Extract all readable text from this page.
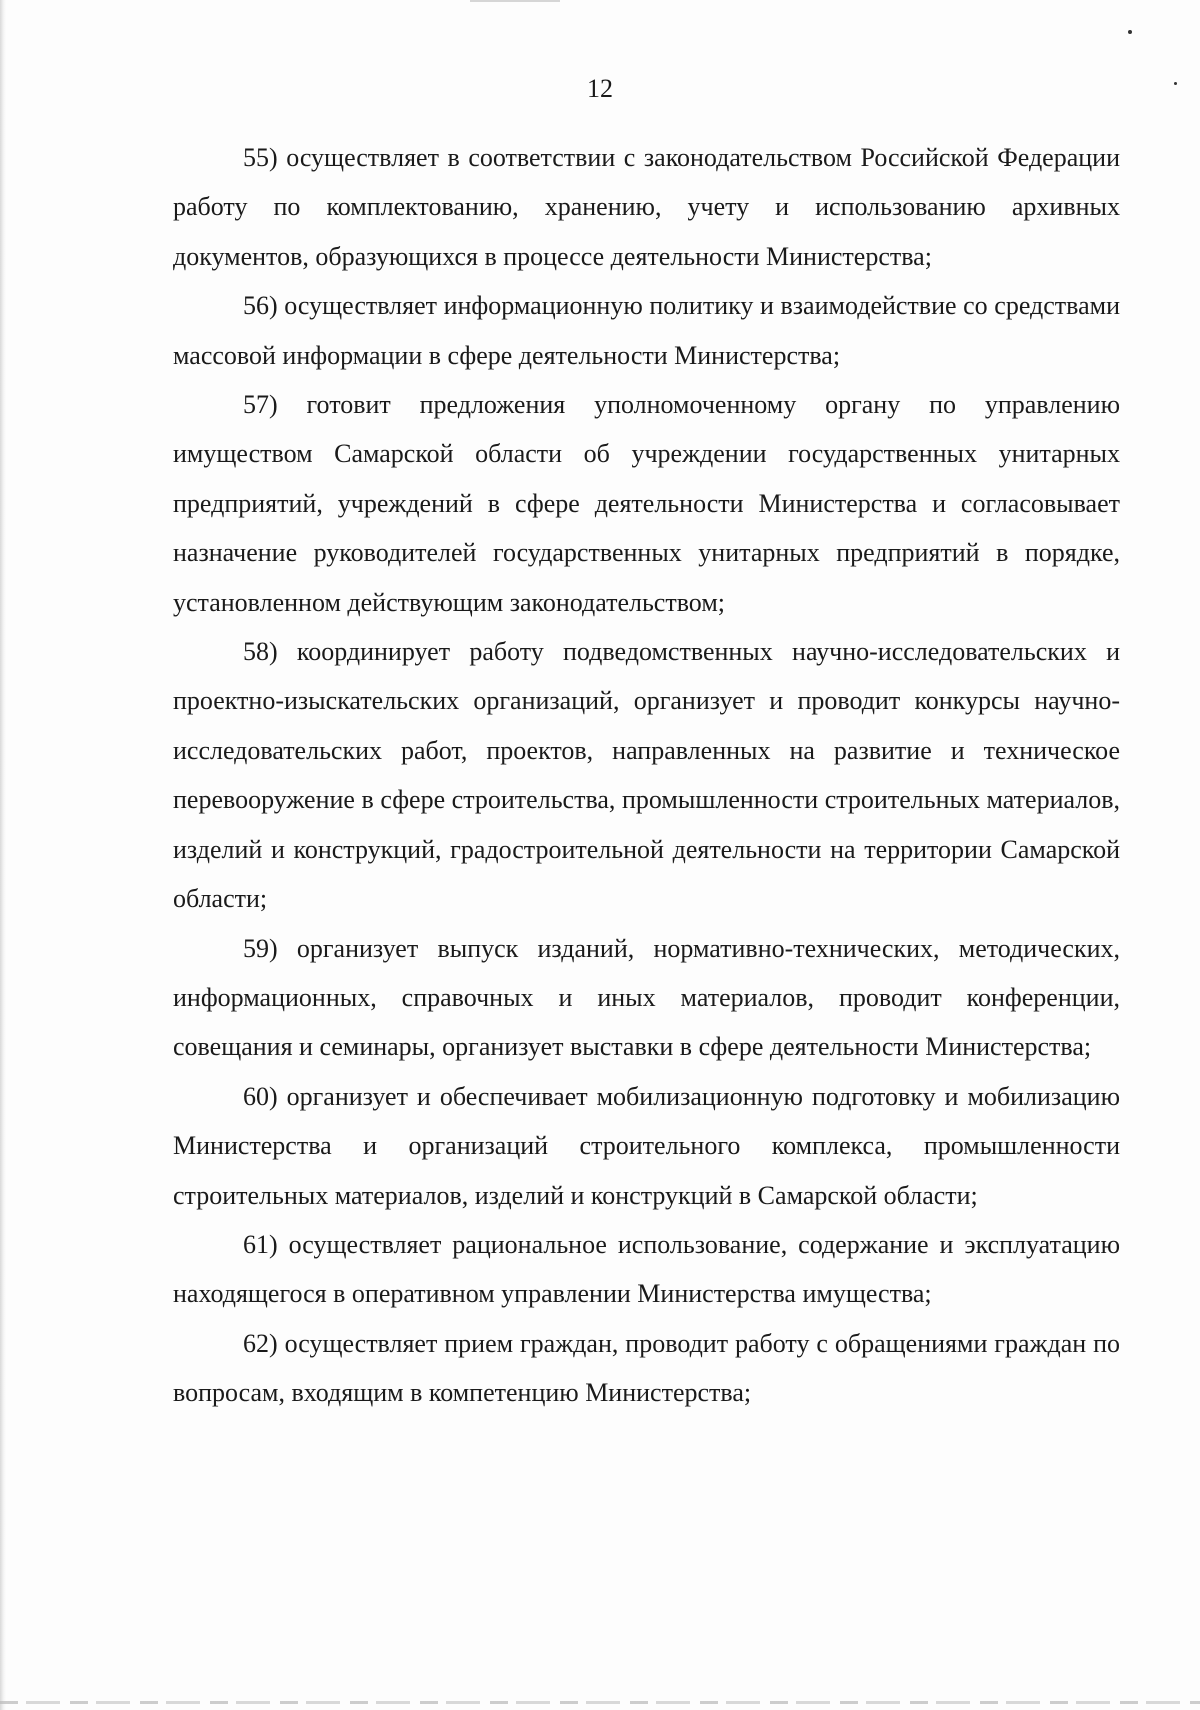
12

55) осуществляет в соответствии с законодательством Российской Федерации работу по комплектованию, хранению, учету и использованию архивных документов, образующихся в процессе деятельности Министерства;

56) осуществляет информационную политику и взаимодействие со средствами массовой информации в сфере деятельности Министерства;

57) готовит предложения уполномоченному органу по управлению имуществом Самарской области об учреждении государственных унитарных предприятий, учреждений в сфере деятельности Министерства и согласовывает назначение руководителей государственных унитарных предприятий в порядке, установленном действующим законодательством;

58) координирует работу подведомственных научно-исследовательских и проектно-изыскательских организаций, организует и проводит конкурсы научно-исследовательских работ, проектов, направленных на развитие и техническое перевооружение в сфере строительства, промышленности строительных материалов, изделий и конструкций, градостроительной деятельности на территории Самарской области;

59) организует выпуск изданий, нормативно-технических, методических, информационных, справочных и иных материалов, проводит конференции, совещания и семинары, организует выставки в сфере деятельности Министерства;

60) организует и обеспечивает мобилизационную подготовку и мобилизацию Министерства и организаций строительного комплекса, промышленности строительных материалов, изделий и конструкций в Самарской области;

61) осуществляет рациональное использование, содержание и эксплуатацию находящегося в оперативном управлении Министерства имущества;

62) осуществляет прием граждан, проводит работу с обращениями граждан по вопросам, входящим в компетенцию Министерства;
